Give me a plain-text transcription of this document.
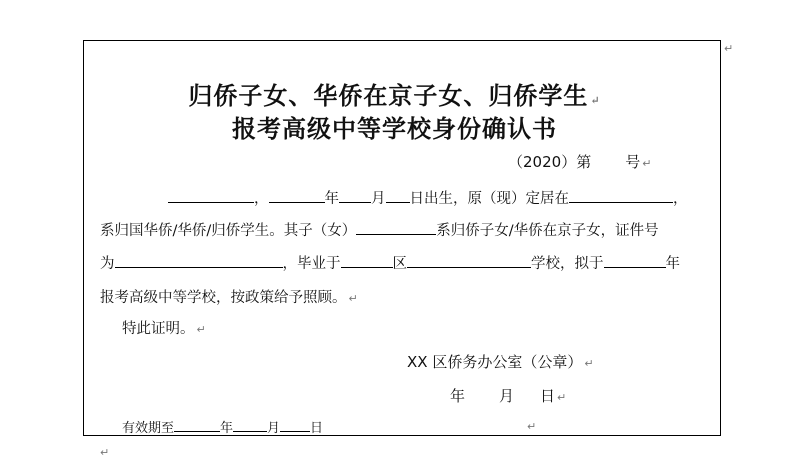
↵
归侨子女、华侨在京子女、归侨学生 ↵
报考高级中等学校身份确认书
（2020）第 号 ↵
，	年 月 日出生，原（现）定居在	，
系归国华侨/华侨/归侨学生。其子（女）	系归侨子女/华侨在京子女，证件号
为	，毕业于	区	学校，拟于	年
报考高级中等学校，按政策给予照顾。 ↵
特此证明。 ↵
XX 区侨务办公室（公章） ↵
年 月 日 ↵
有效期至	年	月 日	↵
↵
